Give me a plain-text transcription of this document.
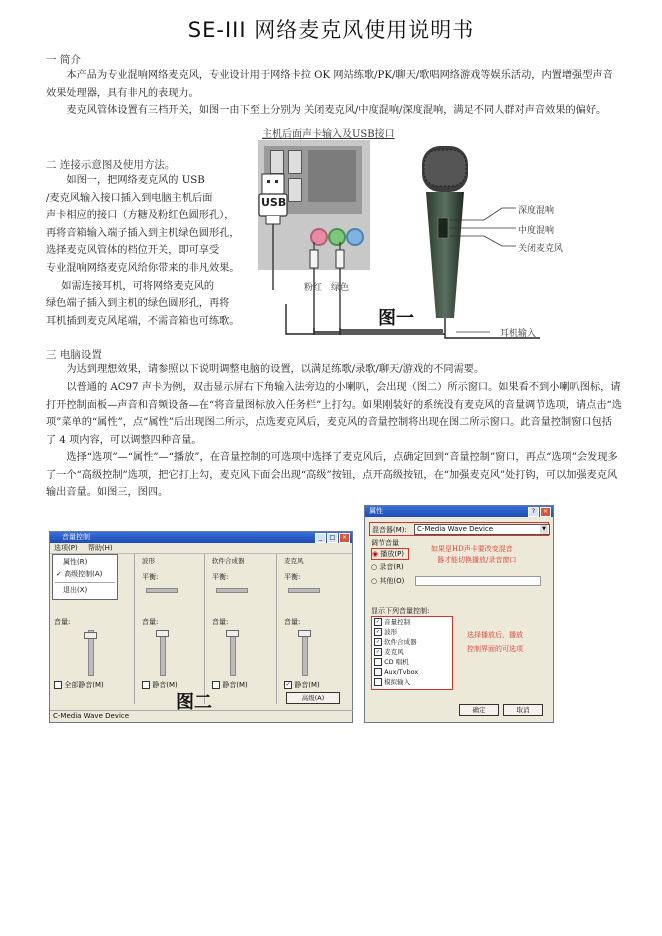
SE-III 网络麦克风使用说明书
一 简介

本产品为专业混响网络麦克风，专业设计用于网络卡拉 OK 网站练歌/PK/聊天/歌唱网络游戏等娱乐活动，内置增强型声音效果处理器，具有非凡的表现力。

麦克风管体设置有三档开关，如图一由下至上分别为 关闭麦克风/中度混响/深度混响，满足不同人群对声音效果的偏好。

二 连接示意图及使用方法。

如图一，把网络麦克风的 USB

/麦克风输入接口插入到电脑主机后面

声卡相应的接口（方糖及粉红色圆形孔），

再将音箱输入端子插入到主机绿色圆形孔，

选择麦克风管体的档位开关，即可享受

专业混响网络麦克风给你带来的非凡效果。

如需连接耳机，可将网络麦克风的

绿色端子插入到主机的绿色圆形孔，再将

耳机插到麦克风尾端，不需音箱也可练歌。

主机后面声卡输入及USB接口
USB
粉红 绿色
深度混响
中度混响
关闭麦克风
耳机输入
图一
三 电脑设置

为达到理想效果，请参照以下说明调整电脑的设置，以满足练歌/录歌/聊天/游戏的不同需要。

以普通的 AC97 声卡为例，双击显示屏右下角输入法旁边的小喇叭，会出现（图二）所示窗口。如果看不到小喇叭图标，请打开控制面板—声音和音频设备—在“将音量图标放入任务栏”上打勾。如果刚装好的系统没有麦克风的音量调节选项，请点击“选项”菜单的“属性”，点“属性”后出现图二所示，点选麦克风后，麦克风的音量控制将出现在图二所示窗口。此音量控制窗口包括了 4 项内容，可以调整四种音量。

选择“选项”—“属性”—“播放”，在音量控制的可选项中选择了麦克风后，点确定回到“音量控制”窗口，再点“选项”会发现多了一个“高级控制”选项，把它打上勾，麦克风下面会出现“高级”按钮，点开高级按钮，在“加强麦克风”处打钩，可以加强麦克风输出音量。如图三，图四。

音量控制	_	□	×
选项(P) 帮助(H)
属性(R)
✓ 高级控制(A)
退出(X)
音量:
全部静音(M)
波形
平衡:
音量:
静音(M)
软件合成器
平衡:
音量:
静音(M)
麦克风
平衡:
音量:
✓ 静音(M)
高级(A)
C-Media Wave Device
图二
属性	?	×
混音器(M):	C-Media Wave Device	▼
调节音量
◉ 播放(P)
○ 录音(R)
○ 其他(O)
如果是HD声卡要改变混音
器才能切换播放/录音窗口
显示下列音量控制:
✓ 音量控制
✓ 波形
✓ 软件合成器
✓ 麦克风
CD 唱机
Aux/Tvbox
模拟输入
选择播放后，播放
控制界面的可选项
确定	取消
